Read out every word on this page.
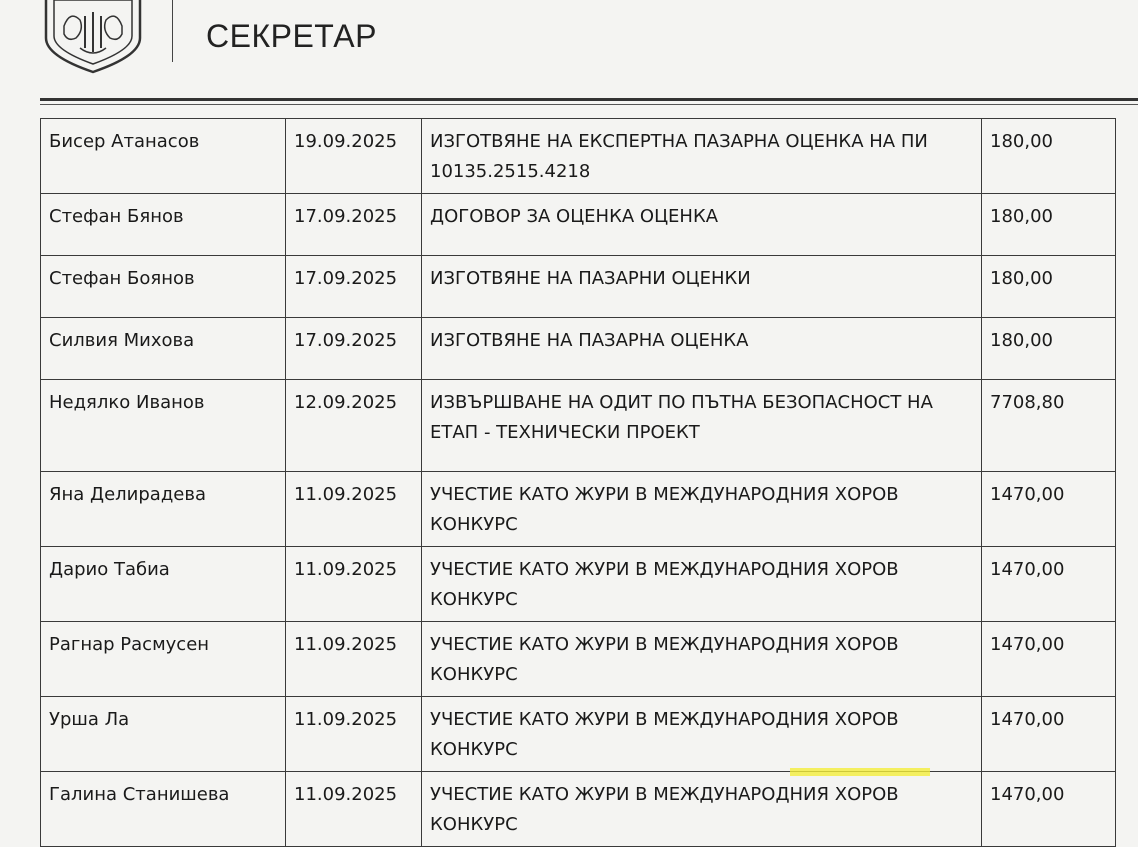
СЕКРЕТАР
Бисер Атанасов	19.09.2025	ИЗГОТВЯНЕ НА ЕКСПЕРТНА ПАЗАРНА ОЦЕНКА НА ПИ 10135.2515.4218	180,00
Стефан Бянов	17.09.2025	ДОГОВОР ЗА ОЦЕНКА ОЦЕНКА	180,00
Стефан Боянов	17.09.2025	ИЗГОТВЯНЕ НА ПАЗАРНИ ОЦЕНКИ	180,00
Силвия Михова	17.09.2025	ИЗГОТВЯНЕ НА ПАЗАРНА ОЦЕНКА	180,00
Недялко Иванов	12.09.2025	ИЗВЪРШВАНЕ НА ОДИТ ПО ПЪТНА БЕЗОПАСНОСТ НА ЕТАП - ТЕХНИЧЕСКИ ПРОЕКТ	7708,80
Яна Делирадева	11.09.2025	УЧЕСТИЕ КАТО ЖУРИ В МЕЖДУНАРОДНИЯ ХОРОВ КОНКУРС	1470,00
Дарио Табиа	11.09.2025	УЧЕСТИЕ КАТО ЖУРИ В МЕЖДУНАРОДНИЯ ХОРОВ КОНКУРС	1470,00
Рагнар Расмусен	11.09.2025	УЧЕСТИЕ КАТО ЖУРИ В МЕЖДУНАРОДНИЯ ХОРОВ КОНКУРС	1470,00
Урша Ла	11.09.2025	УЧЕСТИЕ КАТО ЖУРИ В МЕЖДУНАРОДНИЯ ХОРОВ КОНКУРС	1470,00
Галина Станишева	11.09.2025	УЧЕСТИЕ КАТО ЖУРИ В МЕЖДУНАРОДНИЯ ХОРОВ КОНКУРС	1470,00
